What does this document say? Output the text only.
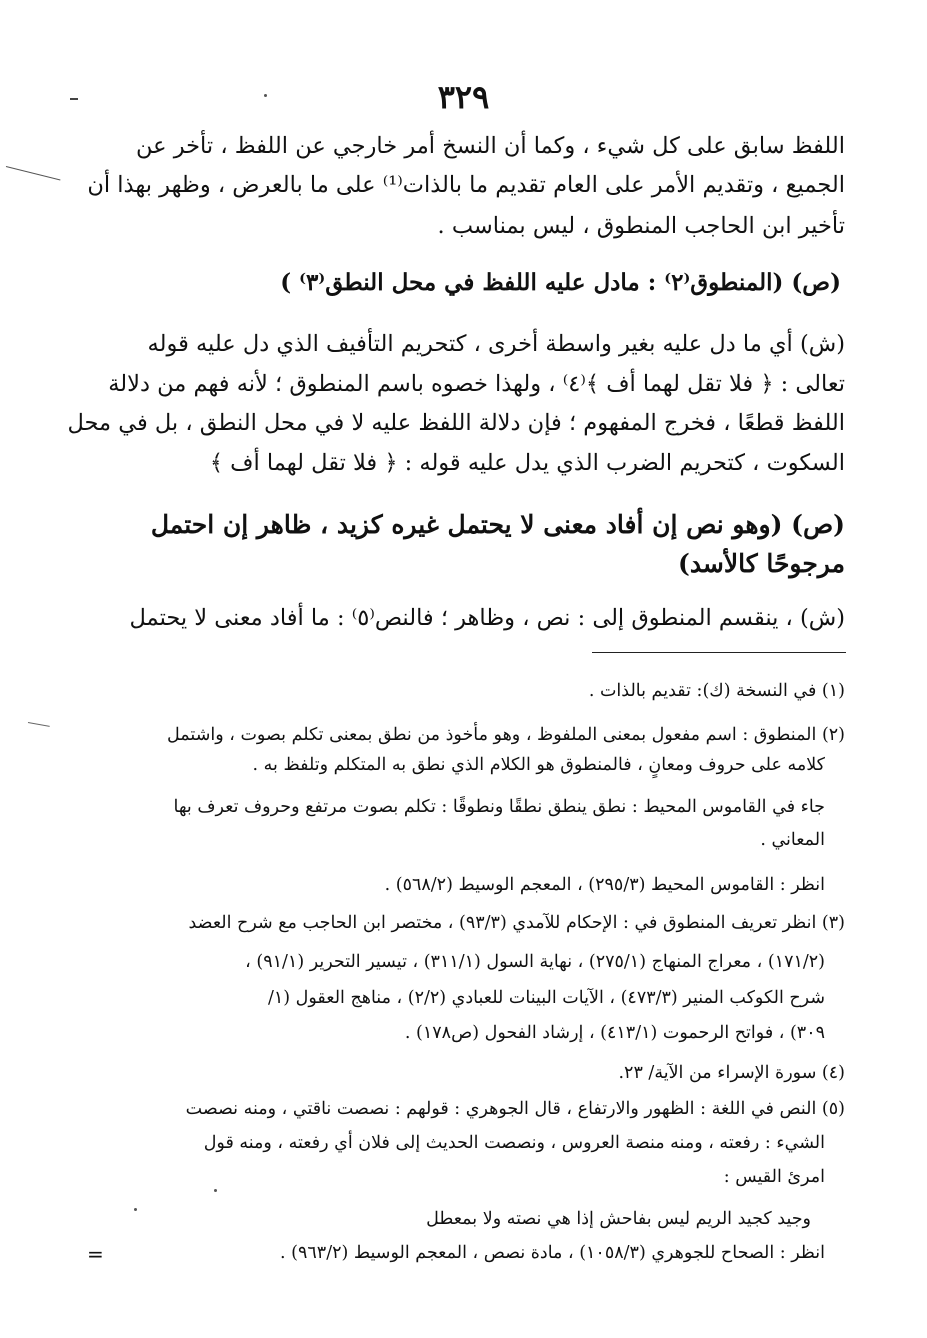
٣٢٩
اللفظ سابق على كل شيء ، وكما أن النسخ أمر خارجي عن اللفظ ، تأخر عن
الجميع ، وتقديم الأمر على العام تقديم ما بالذات⁽¹⁾ على ما بالعرض ، وظهر بهذا أن
تأخير ابن الحاجب المنطوق ، ليس بمناسب .
(ص) (المنطوق⁽٢⁾ : مادل عليه اللفظ في محل النطق⁽٣⁾ )
(ش) أي ما دل عليه بغير واسطة أخرى ، كتحريم التأفيف الذي دل عليه قوله
تعالى : ﴿ فلا تقل لهما أف ﴾⁽٤⁾ ، ولهذا خصوه باسم المنطوق ؛ لأنه فهم من دلالة
اللفظ قطعًا ، فخرج المفهوم ؛ فإن دلالة اللفظ عليه لا في محل النطق ، بل في محل
السكوت ، كتحريم الضرب الذي يدل عليه قوله : ﴿ فلا تقل لهما أف ﴾
(ص) (وهو نص إن أفاد معنى لا يحتمل غيره كزيد ، ظاهر إن احتمل
مرجوحًا كالأسد)
(ش) ، ينقسم المنطوق إلى : نص ، وظاهر ؛ فالنص⁽٥⁾ : ما أفاد معنى لا يحتمل
(١) في النسخة (ك): تقديم بالذات .
(٢) المنطوق : اسم مفعول بمعنى الملفوظ ، وهو مأخوذ من نطق بمعنى تكلم بصوت ، واشتمل
كلامه على حروف ومعانٍ ، فالمنطوق هو الكلام الذي نطق به المتكلم وتلفظ به .
جاء في القاموس المحيط : نطق ينطق نطقًا ونطوقًا : تكلم بصوت مرتفع وحروف تعرف بها
المعاني .
انظر : القاموس المحيط (٢٩٥/٣) ، المعجم الوسيط (٥٦٨/٢) .
(٣) انظر تعريف المنطوق في : الإحكام للآمدي (٩٣/٣) ، مختصر ابن الحاجب مع شرح العضد
(١٧١/٢) ، معراج المنهاج (٢٧٥/١) ، نهاية السول (٣١١/١) ، تيسير التحرير (٩١/١) ،
شرح الكوكب المنير (٤٧٣/٣) ، الآيات البينات للعبادي (٢/٢) ، مناهج العقول (١/
٣٠٩) ، فواتح الرحموت (٤١٣/١) ، إرشاد الفحول (ص١٧٨) .
(٤) سورة الإسراء من الآية/ ٢٣.
(٥) النص في اللغة : الظهور والارتفاع ، قال الجوهري : قولهم : نصصت ناقتي ، ومنه نصصت
الشيء : رفعته ، ومنه منصة العروس ، ونصصت الحديث إلى فلان أي رفعته ، ومنه قول
امرئ القيس :
وجيد كجيد الريم ليس بفاحش إذا هي نصته ولا بمعطل
انظر : الصحاح للجوهري (١٠٥٨/٣) ، مادة نصص ، المعجم الوسيط (٩٦٣/٢) .
=
